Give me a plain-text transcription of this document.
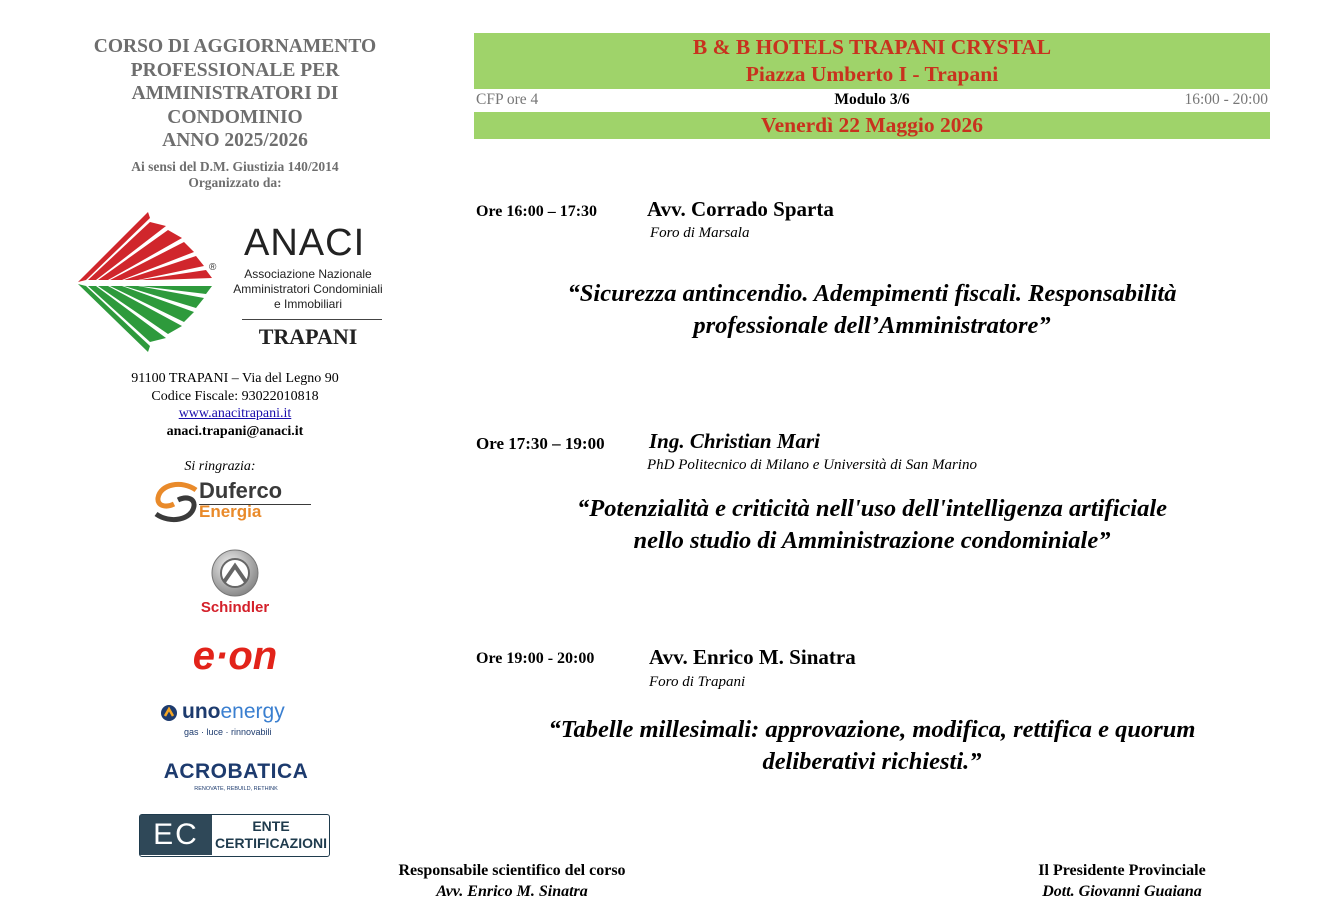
CORSO DI AGGIORNAMENTO
PROFESSIONALE PER
AMMINISTRATORI DI
CONDOMINIO
ANNO 2025/2026
Ai sensi del D.M. Giustizia 140/2014
Organizzato da:
®
ANACI
Associazione Nazionale
Amministratori Condominiali
e Immobiliari
TRAPANI
91100 TRAPANI – Via del Legno 90
Codice Fiscale: 93022010818
www.anacitrapani.it
anaci.trapani@anaci.it
Si ringrazia:
Duferco
Energia
Schindler
e·on
unoenergy
gas · luce · rinnovabili
ACROBATICA
RENOVATE, REBUILD, RETHINK
EC	ENTE
CERTIFICAZIONI
B & B HOTELS TRAPANI CRYSTAL
Piazza Umberto I - Trapani
CFP ore 4	Modulo 3/6	16:00 - 20:00
Venerdì 22 Maggio 2026
Ore 16:00 – 17:30 Avv. Corrado Sparta
Foro di Marsala
“Sicurezza antincendio. Adempimenti fiscali. Responsabilità
professionale dell’Amministratore”
Ore 17:30 – 19:00 Ing. Christian Mari
PhD Politecnico di Milano e Università di San Marino
“Potenzialità e criticità nell'uso dell'intelligenza artificiale
nello studio di Amministrazione condominiale”
Ore 19:00 - 20:00	Avv. Enrico M. Sinatra
Foro di Trapani
“Tabelle millesimali: approvazione, modifica, rettifica e quorum
deliberativi richiesti.”
Responsabile scientifico del corso
Avv. Enrico M. Sinatra
Il Presidente Provinciale
Dott. Giovanni Guaiana
